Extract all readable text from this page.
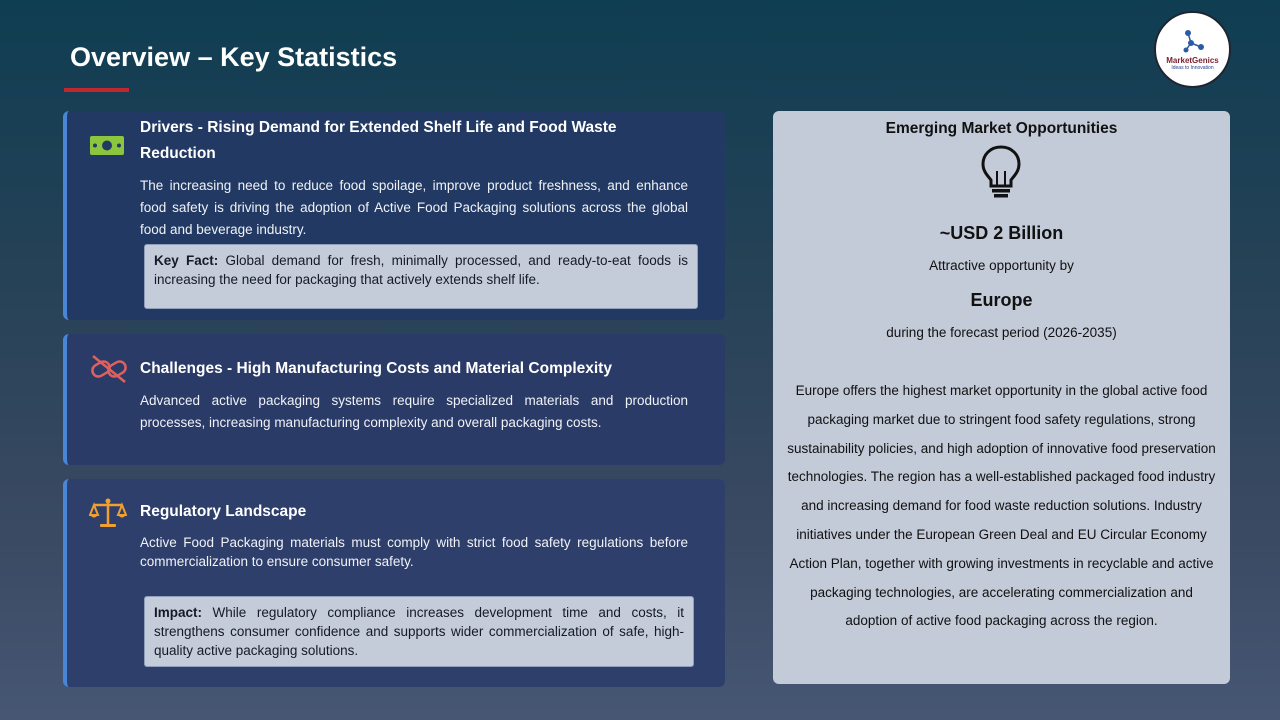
Overview – Key Statistics	MarketGenics
Ideas to Innovation
Drivers - Rising Demand for Extended Shelf Life and Food Waste Reduction
The increasing need to reduce food spoilage, improve product freshness, and enhance food safety is driving the adoption of Active Food Packaging solutions across the global food and beverage industry.
Key Fact: Global demand for fresh, minimally processed, and ready-to-eat foods is increasing the need for packaging that actively extends shelf life.
Challenges - High Manufacturing Costs and Material Complexity
Advanced active packaging systems require specialized materials and production processes, increasing manufacturing complexity and overall packaging costs.
Regulatory Landscape
Active Food Packaging materials must comply with strict food safety regulations before commercialization to ensure consumer safety.
Impact: While regulatory compliance increases development time and costs, it strengthens consumer confidence and supports wider commercialization of safe, high-quality active packaging solutions.
Emerging Market Opportunities
~USD 2 Billion
Attractive opportunity by
Europe
during the forecast period (2026-2035)
Europe offers the highest market opportunity in the global active food packaging market due to stringent food safety regulations, strong sustainability policies, and high adoption of innovative food preservation technologies. The region has a well-established packaged food industry and increasing demand for food waste reduction solutions. Industry initiatives under the European Green Deal and EU Circular Economy Action Plan, together with growing investments in recyclable and active packaging technologies, are accelerating commercialization and adoption of active food packaging across the region.
